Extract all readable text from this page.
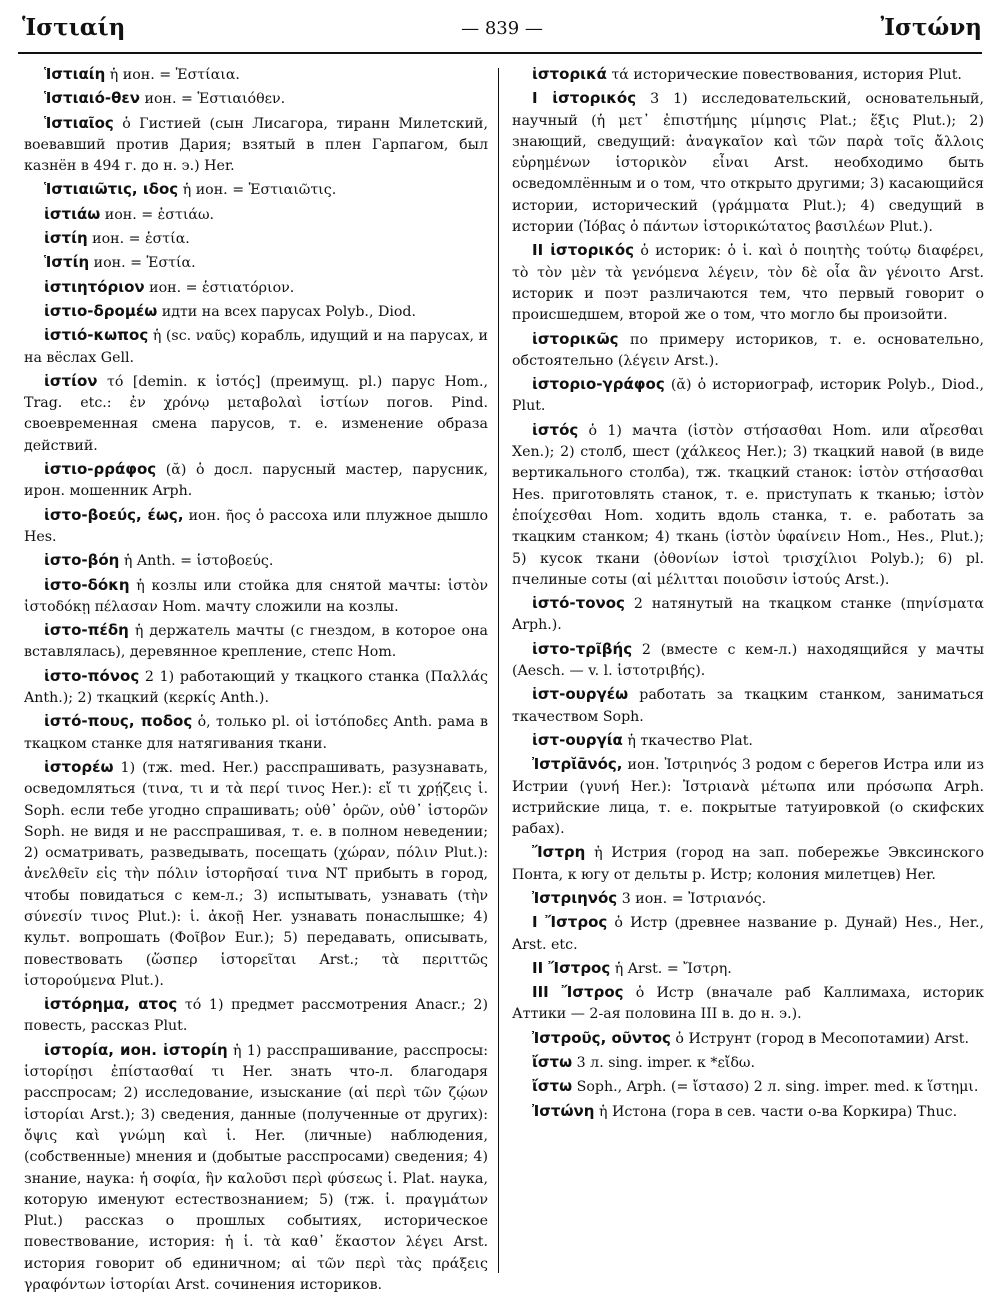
Ἱστιαίη	— 839 —	Ἰστώνη

Ἱστιαίη ἡ ион. = Ἑστίαια.

Ἱστιαιό-θεν ион. = Ἑστιαιόθεν.

Ἱστιαῖος ὁ Гистией (сын Лисагора, тиранн Милетский, воевавший против Дария; взятый в плен Гарпагом, был казнён в 494 г. до н. э.) Her.

Ἱστιαιῶτις, ιδος ἡ ион. = Ἑστιαιῶτις.

ἱστιάω ион. = ἑστιάω.

ἱστίη ион. = ἑστία.

Ἱστίη ион. = Ἑστία.

ἱστιητόριον ион. = ἑστιατόριον.

ἱστιο-δρομέω идти на всех парусах Polyb., Diod.

ἱστιό-κωπος ἡ (sc. ναῦς) корабль, идущий и на парусах, и на вёслах Gell.

ἱστίον τό [demin. к ἱστός] (преимущ. pl.) парус Hom., Trag. etc.: ἐν χρόνῳ μεταβολαὶ ἱστίων погов. Pind. своевременная смена парусов, т. е. изменение образа действий.

ἱστιο-ρράφος (ᾰ) ὁ досл. парусный мастер, парусник, ирон. мошенник Arph.

ἱστο-βοεύς, έως, ион. ῆος ὁ рассоха или плужное дышло Hes.

ἱστο-βόη ἡ Anth. = ἱστοβοεύς.

ἱστο-δόκη ἡ козлы или стойка для снятой мачты: ἱστὸν ἱστοδόκῃ πέλασαν Hom. мачту сложили на козлы.

ἱστο-πέδη ἡ держатель мачты (с гнездом, в которое она вставлялась), деревянное крепление, степс Hom.

ἱστο-πόνος 2 1) работающий у ткацкого станка (Παλλάς Anth.); 2) ткацкий (κερκίς Anth.).

ἱστό-πους, ποδος ὁ, только pl. οἱ ἱστόποδες Anth. рама в ткацком станке для натягивания ткани.

ἱστορέω 1) (тж. med. Her.) расспрашивать, разузнавать, осведомляться (τινα, τι и τὰ περί τινος Her.): εἴ τι χρῄζεις ἱ. Soph. если тебе угодно спрашивать; οὐθ᾽ ὁρῶν, οὐθ᾽ ἱστορῶν Soph. не видя и не расспрашивая, т. е. в полном неведении; 2) осматривать, разведывать, посещать (χώραν, πόλιν Plut.): ἀνελθεῖν εἰς τὴν πόλιν ἱστορῆσαί τινα NT прибыть в город, чтобы повидаться с кем-л.; 3) испытывать, узнавать (τὴν σύνεσίν τινος Plut.): ἱ. ἀκοῇ Her. узнавать понаслышке; 4) культ. вопрошать (Φοῖβον Eur.); 5) передавать, описывать, повествовать (ὥσπερ ἱστορεῖται Arst.; τὰ περιττῶς ἱστορούμενα Plut.).

ἱστόρημα, ατος τό 1) предмет рассмотрения Anacr.; 2) повесть, рассказ Plut.

ἱστορία, ион. ἱστορίη ἡ 1) расспрашивание, расспросы: ἱστορίῃσι ἐπίστασθαί τι Her. знать что-л. благодаря расспросам; 2) исследование, изыскание (αἱ περὶ τῶν ζῴων ἱστορίαι Arst.); 3) сведения, данные (полученные от других): ὄψις καὶ γνώμη καὶ ἱ. Her. (личные) наблюдения, (собственные) мнения и (добытые расспросами) сведения; 4) знание, наука: ἡ σοφία, ἣν καλοῦσι περὶ φύσεως ἱ. Plat. наука, которую именуют естествознанием; 5) (тж. ἱ. πραγμάτων Plut.) рассказ о прошлых событиях, историческое повествование, история: ἡ ἱ. τὰ καθ᾽ ἕκαστον λέγει Arst. история говорит об единичном; αἱ τῶν περὶ τὰς πράξεις γραφόντων ἱστορίαι Arst. сочинения историков.

ἱστορικά τά исторические повествования, история Plut.

I ἱστορικός 3 1) исследовательский, основательный, научный (ἡ μετ᾽ ἐπιστήμης μίμησις Plat.; ἕξις Plut.); 2) знающий, сведущий: ἀναγκαῖον καὶ τῶν παρὰ τοῖς ἄλλοις εὑρημένων ἱστορικὸν εἶναι Arst. необходимо быть осведомлённым и о том, что открыто другими; 3) касающийся истории, исторический (γράμματα Plut.); 4) сведущий в истории (Ἰόβας ὁ πάντων ἱστορικώτατος βασιλέων Plut.).

II ἱστορικός ὁ историк: ὁ ἱ. καὶ ὁ ποιητὴς τούτῳ διαφέρει, τὸ τὸν μὲν τὰ γενόμενα λέγειν, τὸν δὲ οἷα ἂν γένοιτο Arst. историк и поэт различаются тем, что первый говорит о происшедшем, второй же о том, что могло бы произойти.

ἱστορικῶς по примеру историков, т. е. основательно, обстоятельно (λέγειν Arst.).

ἱστοριο-γράφος (ᾰ) ὁ историограф, историк Polyb., Diod., Plut.

ἱστός ὁ 1) мачта (ἱστὸν στήσασθαι Hom. или αἴρεσθαι Xen.); 2) столб, шест (χάλκεος Her.); 3) ткацкий навой (в виде вертикального столба), тж. ткацкий станок: ἱστὸν στήσασθαι Hes. приготовлять станок, т. е. приступать к тканью; ἱστὸν ἐποίχεσθαι Hom. ходить вдоль станка, т. е. работать за ткацким станком; 4) ткань (ἱστὸν ὑφαίνειν Hom., Hes., Plut.); 5) кусок ткани (ὀθονίων ἱστοὶ τρισχίλιοι Polyb.); 6) pl. пчелиные соты (αἱ μέλιτται ποιοῦσιν ἱστούς Arst.).

ἱστό-τονος 2 натянутый на ткацком станке (πηνίσματα Arph.).

ἱστο-τρῖβής 2 (вместе с кем-л.) находящийся у мачты (Aesch. — v. l. ἱστοτριβής).

ἱστ-ουργέω работать за ткацким станком, заниматься ткачеством Soph.

ἱστ-ουργία ἡ ткачество Plat.

Ἰστρῐᾱνός, ион. Ἰστριηνός 3 родом с берегов Истра или из Истрии (γυνή Her.): Ἰστριανὰ μέτωπα или πρόσωπα Arph. истрийские лица, т. е. покрытые татуировкой (о скифских рабах).

Ἴστρη ἡ Истрия (город на зап. побережье Эвксинского Понта, к югу от дельты р. Истр; колония милетцев) Her.

Ἰστριηνός 3 ион. = Ἰστριανός.

I Ἴστρος ὁ Истр (древнее название р. Дунай) Hes., Her., Arst. etc.

II Ἴστρος ἡ Arst. = Ἴστρη.

III Ἴστρος ὁ Истр (вначале раб Каллимаха, историк Аттики — 2-ая половина III в. до н. э.).

Ἰστροῦς, οῦντος ὁ Иструнт (город в Месопотамии) Arst.

ἴστω 3 л. sing. imper. к *εἴδω.

ἴστω Soph., Arph. (= ἴστασο) 2 л. sing. imper. med. к ἵστημι.

Ἰστώνη ἡ Истона (гора в сев. части о-ва Коркира) Thuc.
